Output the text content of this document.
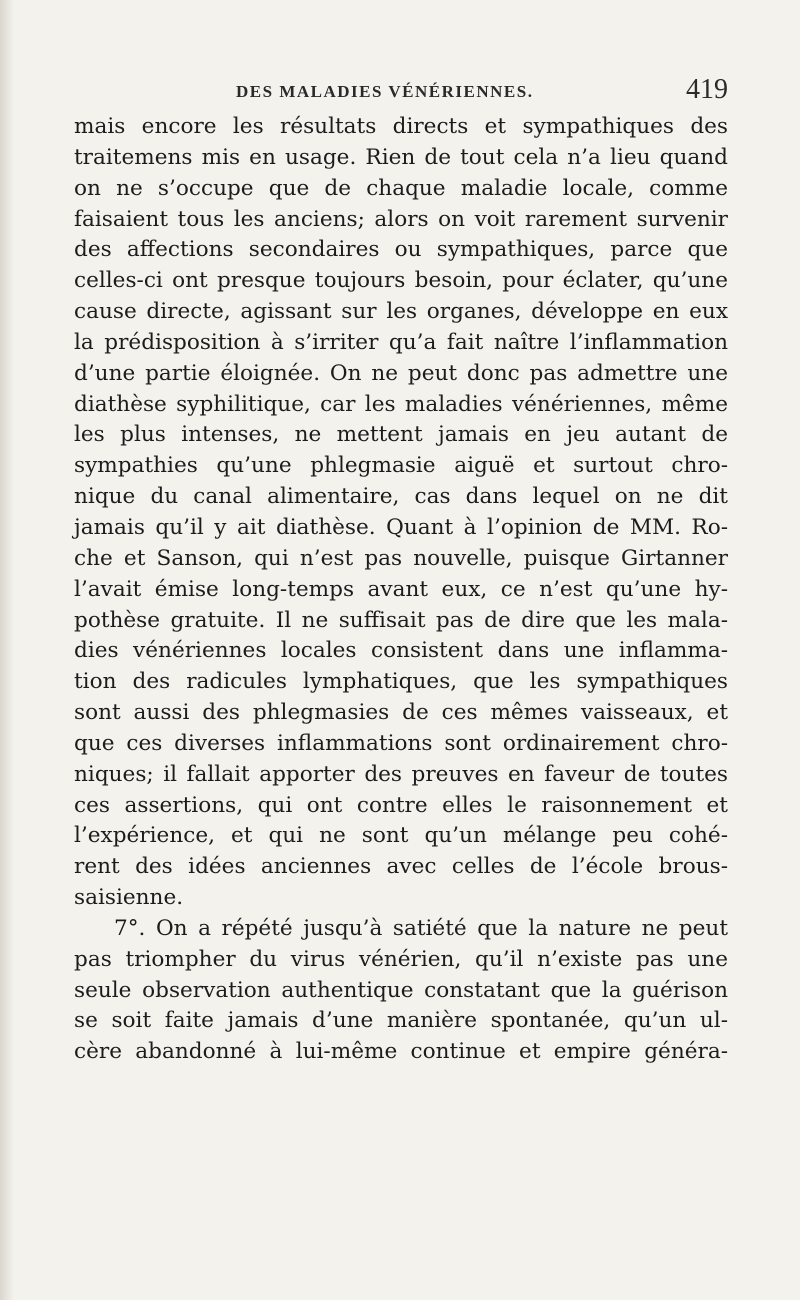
DES MALADIES VÉNÉRIENNES.	419
mais encore les résultats directs et sympathiques des
traitemens mis en usage. Rien de tout cela n’a lieu quand
on ne s’occupe que de chaque maladie locale, comme
faisaient tous les anciens; alors on voit rarement survenir
des affections secondaires ou sympathiques, parce que
celles-ci ont presque toujours besoin, pour éclater, qu’une
cause directe, agissant sur les organes, développe en eux
la prédisposition à s’irriter qu’a fait naître l’inflammation
d’une partie éloignée. On ne peut donc pas admettre une
diathèse syphilitique, car les maladies vénériennes, même
les plus intenses, ne mettent jamais en jeu autant de
sympathies qu’une phlegmasie aiguë et surtout chro-
nique du canal alimentaire, cas dans lequel on ne dit
jamais qu’il y ait diathèse. Quant à l’opinion de MM. Ro-
che et Sanson, qui n’est pas nouvelle, puisque Girtanner
l’avait émise long-temps avant eux, ce n’est qu’une hy-
pothèse gratuite. Il ne suffisait pas de dire que les mala-
dies vénériennes locales consistent dans une inflamma-
tion des radicules lymphatiques, que les sympathiques
sont aussi des phlegmasies de ces mêmes vaisseaux, et
que ces diverses inflammations sont ordinairement chro-
niques; il fallait apporter des preuves en faveur de toutes
ces assertions, qui ont contre elles le raisonnement et
l’expérience, et qui ne sont qu’un mélange peu cohé-
rent des idées anciennes avec celles de l’école brous-
saisienne.
7°. On a répété jusqu’à satiété que la nature ne peut
pas triompher du virus vénérien, qu’il n’existe pas une
seule observation authentique constatant que la guérison
se soit faite jamais d’une manière spontanée, qu’un ul-
cère abandonné à lui-même continue et empire généra-
